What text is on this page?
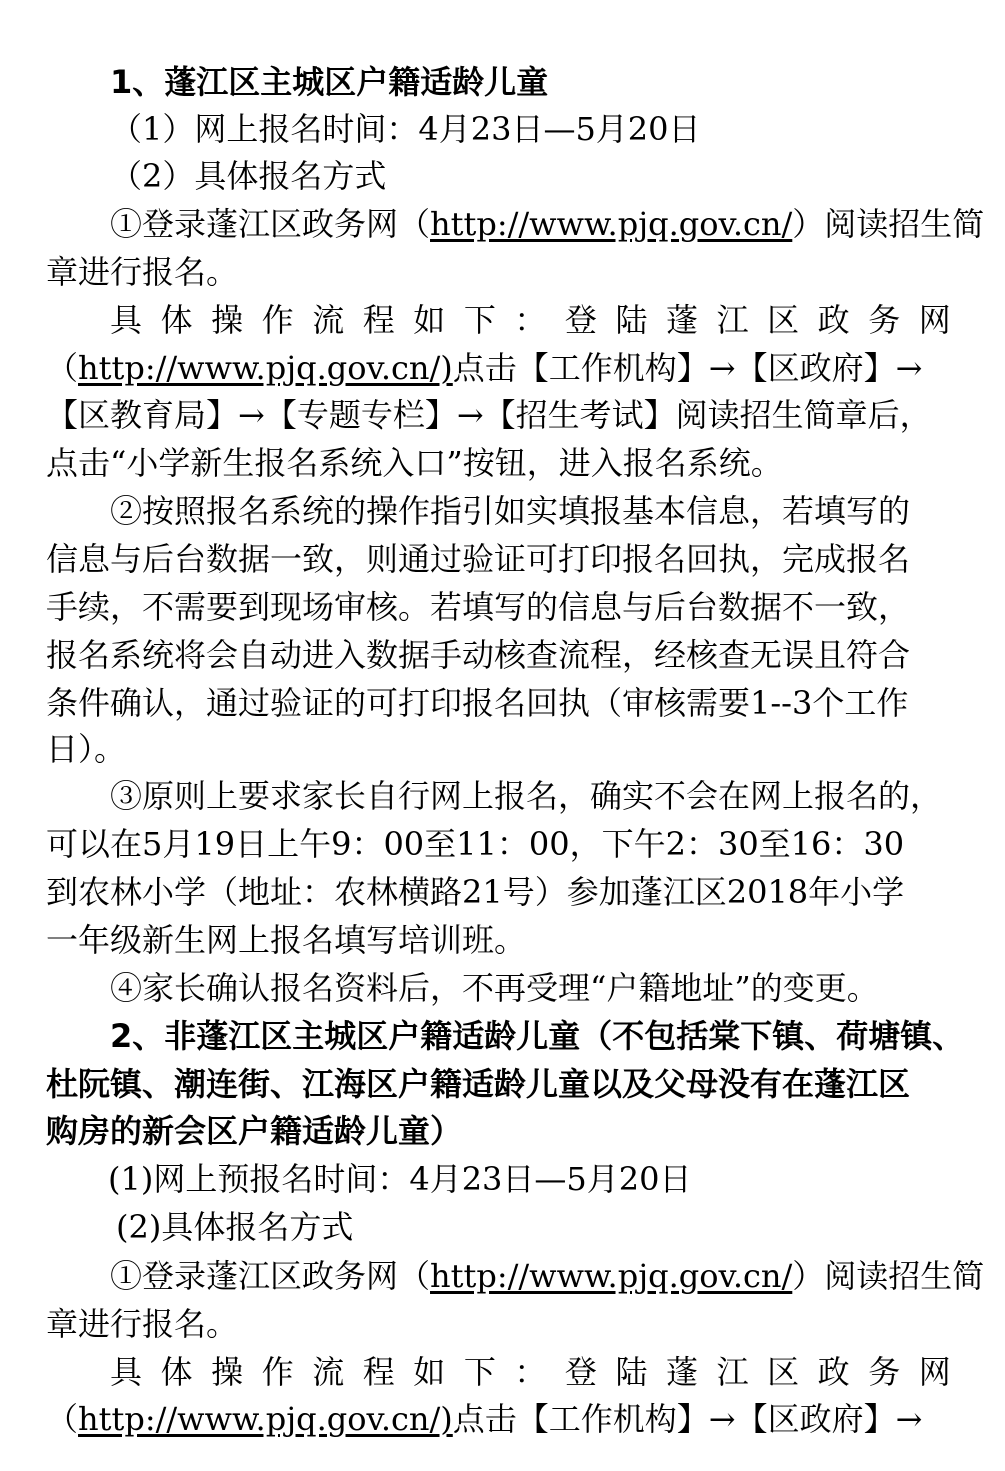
1、蓬江区主城区户籍适龄儿童
（1）网上报名时间：4月23日—5月20日
（2）具体报名方式
①登录蓬江区政务网（http://www.pjq.gov.cn/）阅读招生简
章进行报名。
具 体 操 作 流 程 如 下 ： 登 陆 蓬 江 区 政 务 网
（http://www.pjq.gov.cn/)点击【工作机构】→【区政府】→
【区教育局】→【专题专栏】→【招生考试】阅读招生简章后，
点击“小学新生报名系统入口”按钮，进入报名系统。
②按照报名系统的操作指引如实填报基本信息，若填写的
信息与后台数据一致，则通过验证可打印报名回执，完成报名
手续，不需要到现场审核。若填写的信息与后台数据不一致，
报名系统将会自动进入数据手动核查流程，经核查无误且符合
条件确认，通过验证的可打印报名回执（审核需要1--3个工作
日）。
③原则上要求家长自行网上报名，确实不会在网上报名的，
可以在5月19日上午9：00至11：00，下午2：30至16：30
到农林小学（地址：农林横路21号）参加蓬江区2018年小学
一年级新生网上报名填写培训班。
④家长确认报名资料后，不再受理“户籍地址”的变更。
2、非蓬江区主城区户籍适龄儿童（不包括棠下镇、荷塘镇、
杜阮镇、潮连街、江海区户籍适龄儿童以及父母没有在蓬江区
购房的新会区户籍适龄儿童）
(1)网上预报名时间：4月23日—5月20日
(2)具体报名方式
①登录蓬江区政务网（http://www.pjq.gov.cn/）阅读招生简
章进行报名。
具 体 操 作 流 程 如 下 ： 登 陆 蓬 江 区 政 务 网
（http://www.pjq.gov.cn/)点击【工作机构】→【区政府】→
